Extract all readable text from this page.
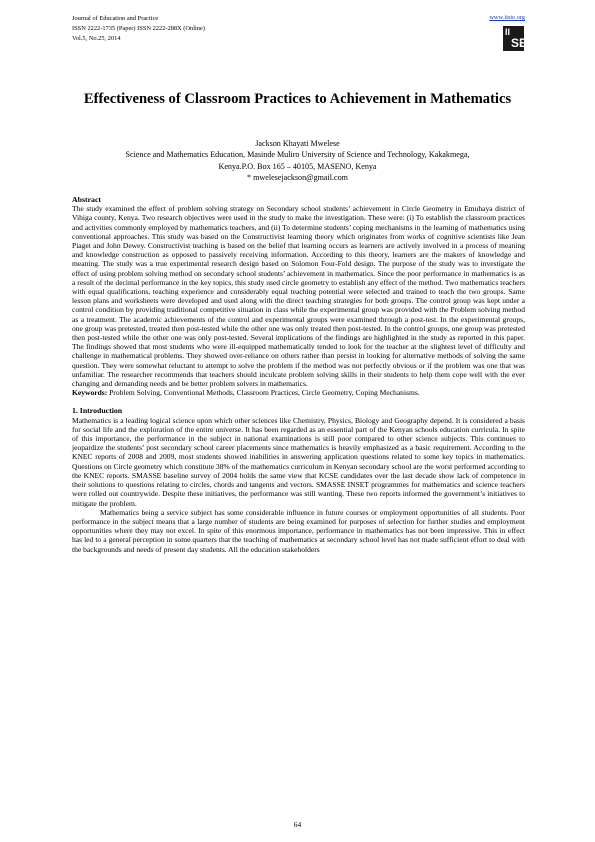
Journal of Education and Practice
ISSN 2222-1735 (Paper) ISSN 2222-288X (Online)
Vol.5, No.25, 2014
www.iiste.org
II
SE
Effectiveness of Classroom Practices to Achievement in Mathematics
Jackson Khayati Mwelese
Science and Mathematics Education, Masinde Muliro University of Science and Technology, Kakakmega,
Kenya.P.O. Box 165 – 40105, MASENO, Kenya
* mwelesejackson@gmail.com
Abstract

The study examined the effect of problem solving strategy on Secondary school students’ achievement in Circle Geometry in Emuhaya district of Vihiga county, Kenya. Two research objectives were used in the study to make the investigation. These were: (i) To establish the classroom practices and activities commonly employed by mathematics teachers, and (ii) To determine students’ coping mechanisms in the learning of mathematics using conventional approaches. This study was based on the Constructivist learning theory which originates from works of cognitive scientists like Jean Piaget and John Dewey. Constructivist teaching is based on the belief that learning occurs as learners are actively involved in a process of meaning and knowledge construction as opposed to passively receiving information. According to this theory, learners are the makers of knowledge and meaning. The study was a true experimental research design based on Solomon Four-Fold design. The purpose of the study was to investigate the effect of using problem solving method on secondary school students’ achievement in mathematics. Since the poor performance in mathematics is as a result of the decimal performance in the key topics, this study used circle geometry to establish any effect of the method. Two mathematics teachers with equal qualifications, teaching experience and considerably equal teaching potential were selected and trained to teach the two groups. Same lesson plans and worksheets were developed and used along with the direct teaching strategies for both groups. The control group was kept under a control condition by providing traditional competitive situation in class while the experimental group was provided with the Problem solving method as a treatment. The academic achievements of the control and experimental groups were examined through a post-test. In the experimental groups, one group was pretested, treated then post-tested while the other one was only treated then post-tested. In the control groups, one group was pretested then post-tested while the other one was only post-tested. Several implications of the findings are highlighted in the study as reported in this paper. The findings showed that most students who were ill-equipped mathematically tended to look for the teacher at the slightest level of difficulty and challenge in mathematical problems. They showed over-reliance on others rather than persist in looking for alternative methods of solving the same question. They were somewhat reluctant to attempt to solve the problem if the method was not perfectly obvious or if the problem was one that was unfamiliar. The researcher recommends that teachers should inculcate problem solving skills in their students to help them cope well with the ever changing and demanding needs and be better problem solvers in mathematics.

Keywords: Problem Solving, Conventional Methods, Classroom Practices, Circle Geometry, Coping Mechanisms.

1. Introduction

Mathematics is a leading logical science upon which other sciences like Chemistry, Physics, Biology and Geography depend. It is considered a basis for social life and the exploration of the entire universe. It has been regarded as an essential part of the Kenyan schools education curricula. In spite of this importance, the performance in the subject in national examinations is still poor compared to other science subjects. This continues to jeopardize the students’ post secondary school career placements since mathematics is heavily emphasized as a basic requirement. According to the KNEC reports of 2008 and 2009, most students showed inabilities in answering application questions related to some key topics in mathematics. Questions on Circle geometry which constitute 38% of the mathematics curriculum in Kenyan secondary school are the worst performed according to the KNEC reports. SMASSE baseline survey of 2004 holds the same view that KCSE candidates over the last decade show lack of competence in their solutions to questions relating to circles, chords and tangents and vectors. SMASSE INSET programmes for mathematics and science teachers were rolled out countrywide. Despite these initiatives, the performance was still wanting. These two reports informed the government’s initiatives to mitigate the problem.

Mathematics being a service subject has some considerable influence in future courses or employment opportunities of all students. Poor performance in the subject means that a large number of students are being examined for purposes of selection for further studies and employment opportunities where they may not excel. In spite of this enormous importance, performance in mathematics has not been impressive. This in effect has led to a general perception in some quarters that the teaching of mathematics at secondary school level has not made sufficient effort to deal with the backgrounds and needs of present day students. All the education stakeholders

64
